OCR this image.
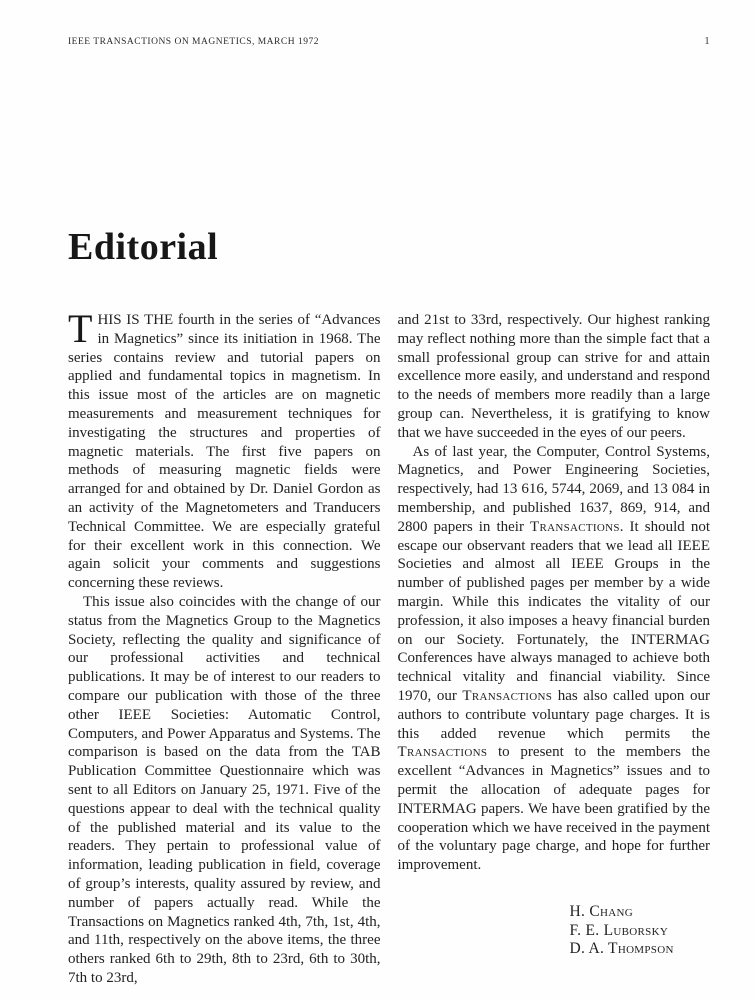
IEEE TRANSACTIONS ON MAGNETICS, MARCH 1972	1
Editorial

THIS IS THE fourth in the series of “Advances in Magnetics” since its initiation in 1968. The series contains review and tutorial papers on applied and fundamental topics in magnetism. In this issue most of the articles are on magnetic measurements and measurement techniques for investigating the structures and properties of magnetic materials. The first five papers on methods of measuring magnetic fields were arranged for and obtained by Dr. Daniel Gordon as an activity of the Magnetometers and Tranducers Technical Committee. We are especially grateful for their excellent work in this connection. We again solicit your comments and suggestions concerning these reviews.

This issue also coincides with the change of our status from the Magnetics Group to the Magnetics Society, reflecting the quality and significance of our professional activities and technical publications. It may be of interest to our readers to compare our publication with those of the three other IEEE Societies: Automatic Control, Computers, and Power Apparatus and Systems. The comparison is based on the data from the TAB Publication Committee Questionnaire which was sent to all Editors on January 25, 1971. Five of the questions appear to deal with the technical quality of the published material and its value to the readers. They pertain to professional value of information, leading publication in field, coverage of group’s interests, quality assured by review, and number of papers actually read. While the Transactions on Magnetics ranked 4th, 7th, 1st, 4th, and 11th, respectively on the above items, the three others ranked 6th to 29th, 8th to 23rd, 6th to 30th, 7th to 23rd,

and 21st to 33rd, respectively. Our highest ranking may reflect nothing more than the simple fact that a small professional group can strive for and attain excellence more easily, and understand and respond to the needs of members more readily than a large group can. Nevertheless, it is gratifying to know that we have succeeded in the eyes of our peers.

As of last year, the Computer, Control Systems, Magnetics, and Power Engineering Societies, respectively, had 13 616, 5744, 2069, and 13 084 in membership, and published 1637, 869, 914, and 2800 papers in their Transactions. It should not escape our observant readers that we lead all IEEE Societies and almost all IEEE Groups in the number of published pages per member by a wide margin. While this indicates the vitality of our profession, it also imposes a heavy financial burden on our Society. Fortunately, the INTERMAG Conferences have always managed to achieve both technical vitality and financial viability. Since 1970, our Transactions has also called upon our authors to contribute voluntary page charges. It is this added revenue which permits the Transactions to present to the members the excellent “Advances in Magnetics” issues and to permit the allocation of adequate pages for INTERMAG papers. We have been gratified by the cooperation which we have received in the payment of the voluntary page charge, and hope for further improvement.

H. Chang
F. E. Luborsky
D. A. Thompson
